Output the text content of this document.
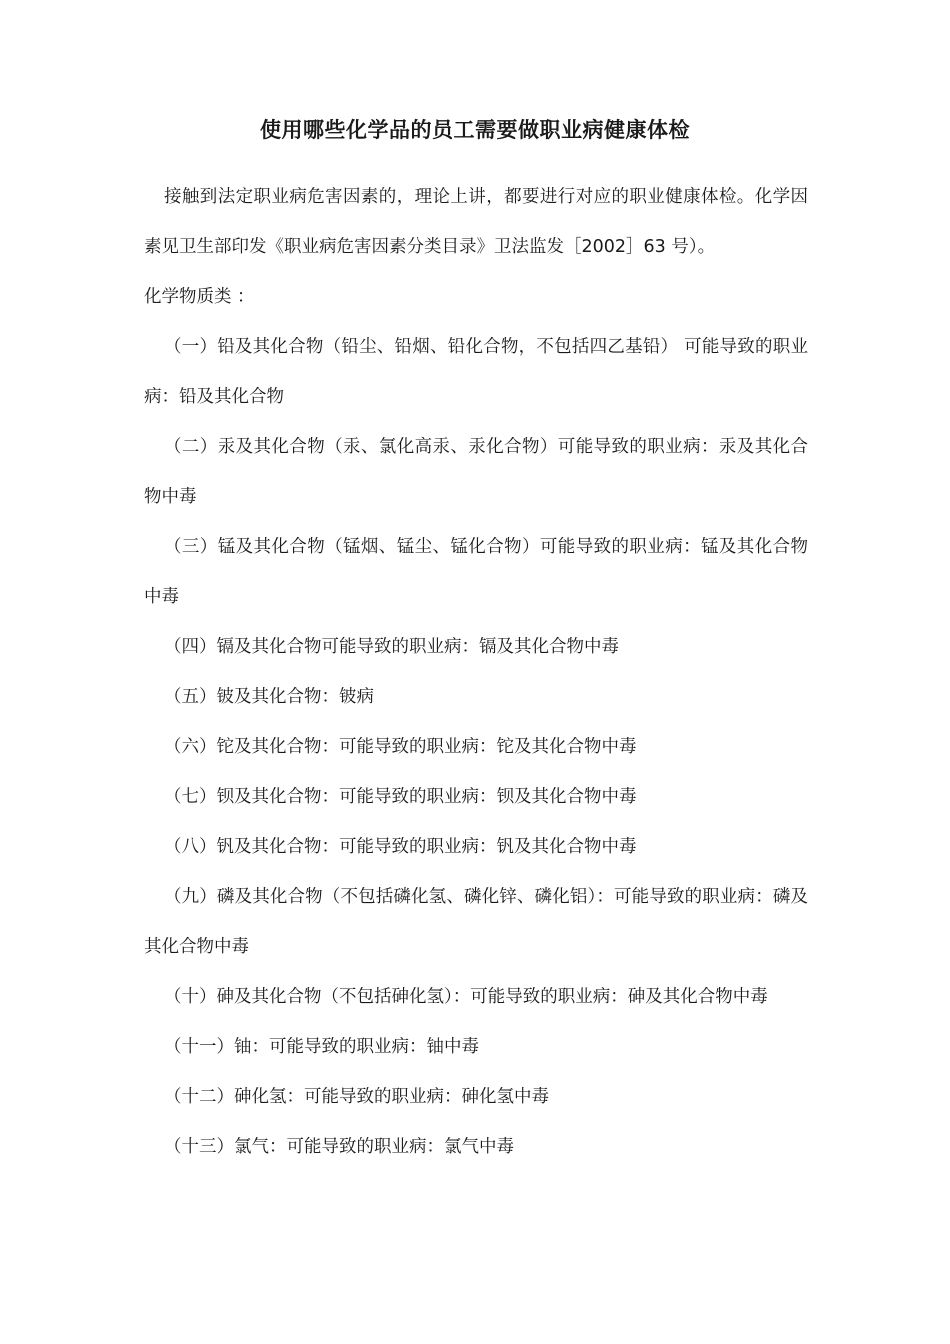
使用哪些化学品的员工需要做职业病健康体检

接触到法定职业病危害因素的，理论上讲，都要进行对应的职业健康体检。化学因素见卫生部印发《职业病危害因素分类目录》卫法监发［2002］63 号）。

化学物质类 ：

（一）铅及其化合物（铅尘、铅烟、铅化合物，不包括四乙基铅） 可能导致的职业病：铅及其化合物

（二）汞及其化合物（汞、氯化高汞、汞化合物）可能导致的职业病：汞及其化合物中毒

（三）锰及其化合物（锰烟、锰尘、锰化合物）可能导致的职业病：锰及其化合物中毒

（四）镉及其化合物可能导致的职业病：镉及其化合物中毒

（五）铍及其化合物：铍病

（六）铊及其化合物：可能导致的职业病：铊及其化合物中毒

（七）钡及其化合物：可能导致的职业病：钡及其化合物中毒

（八）钒及其化合物：可能导致的职业病：钒及其化合物中毒

（九）磷及其化合物（不包括磷化氢、磷化锌、磷化铝）：可能导致的职业病：磷及其化合物中毒

（十）砷及其化合物（不包括砷化氢）：可能导致的职业病：砷及其化合物中毒

（十一）铀：可能导致的职业病：铀中毒

（十二）砷化氢：可能导致的职业病：砷化氢中毒

（十三）氯气：可能导致的职业病：氯气中毒
